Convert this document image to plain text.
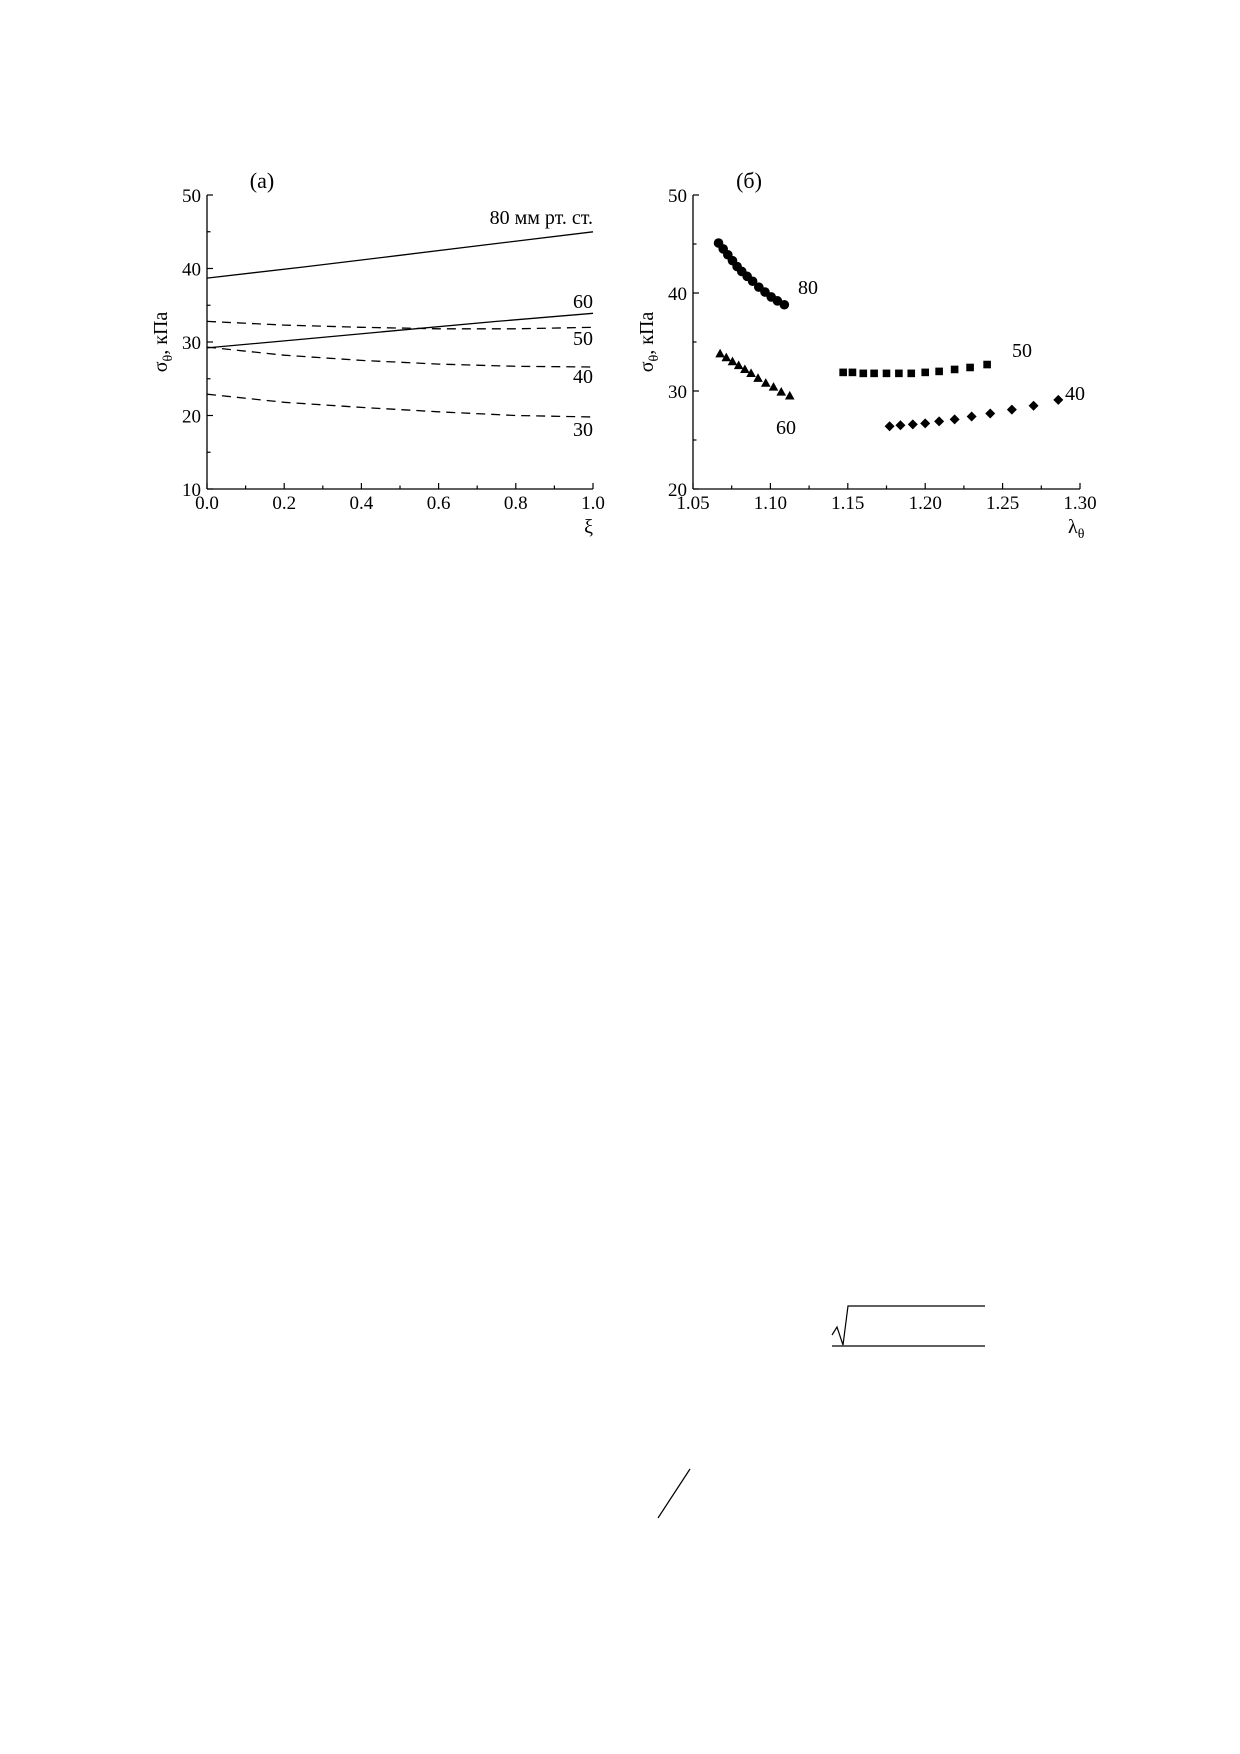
(а)
0.0	0.2	0.4	0.6	0.8	1.0
10
20
30
40
50
$\sigma_\theta$, кПа
ξ
80 мм рт. ст.
60
50
40
30
(б)
1.05 1.10 1.15 1.20 1.25 1.30
20
30
40
50
$\sigma_\theta$, кПа
$\lambda_\theta$
80
60
50
40
